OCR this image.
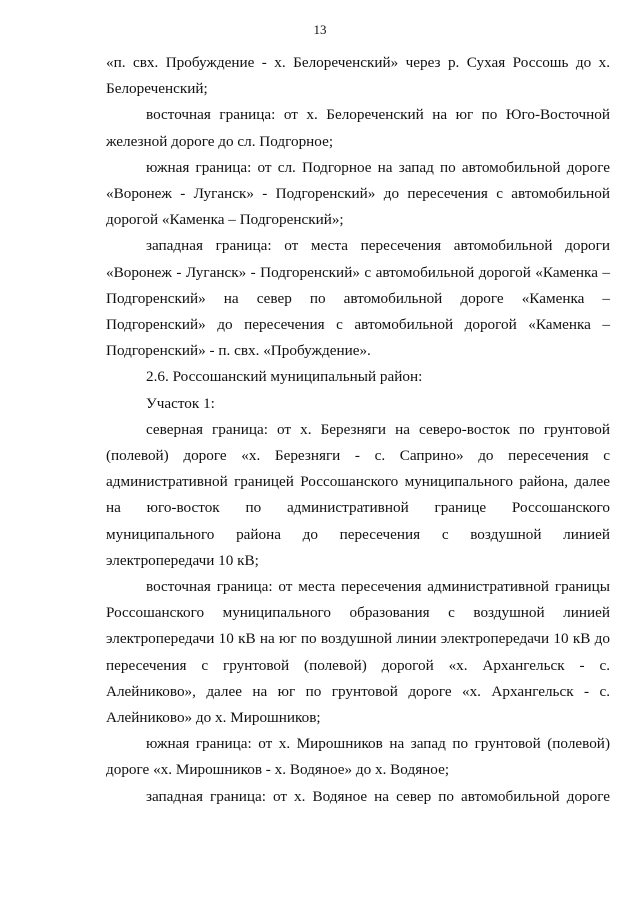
13

«п. свх. Пробуждение - х. Белореченский» через р. Сухая Россошь до х. Белореченский;

восточная граница: от х. Белореченский на юг по Юго-Восточной железной дороге до сл. Подгорное;

южная граница: от сл. Подгорное на запад по автомобильной дороге «Воронеж - Луганск» - Подгоренский» до пересечения с автомобильной дорогой «Каменка – Подгоренский»;

западная граница: от места пересечения автомобильной дороги «Воронеж - Луганск» - Подгоренский» с автомобильной дорогой «Каменка – Подгоренский» на север по автомобильной дороге «Каменка – Подгоренский» до пересечения с автомобильной дорогой «Каменка – Подгоренский» - п. свх. «Пробуждение».

2.6. Россошанский муниципальный район:

Участок 1:

северная граница: от х. Березняги на северо-восток по грунтовой (полевой) дороге «х. Березняги - с. Саприно» до пересечения с административной границей Россошанского муниципального района, далее на юго-восток по административной границе Россошанского муниципального района до пересечения с воздушной линией электропередачи 10 кВ;

восточная граница: от места пересечения административной границы Россошанского муниципального образования с воздушной линией электропередачи 10 кВ на юг по воздушной линии электропередачи 10 кВ до пересечения с грунтовой (полевой) дорогой «х. Архангельск - с. Алейниково», далее на юг по грунтовой дороге «х. Архангельск - с. Алейниково» до х. Мирошников;

южная граница: от х. Мирошников на запад по грунтовой (полевой) дороге «х. Мирошников - х. Водяное» до х. Водяное;

западная граница: от х. Водяное на север по автомобильной дороге
